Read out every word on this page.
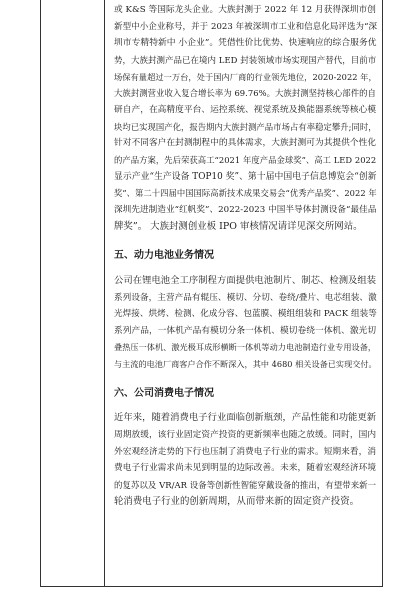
或 K&S 等国际龙头企业。大族封测于 2022 年 12 月获得深圳市创
新型中小企业称号，并于 2023 年被深圳市工业和信息化局评选为“深
圳市专精特新中 小企业”。凭借性价比优势、快速响应的综合服务优
势，大族封测产品已在境内 LED 封装领域市场实现国产替代，目前市
场保有量超过一万台，处于国内厂商的行业领先地位，2020-2022 年，
大族封测营业收入复合增长率为 69.76%。大族封测坚持核心部件的自
研自产，在高精度平台、运控系统、视觉系统及换能器系统等核心模
块均已实现国产化，报告期内大族封测产品市场占有率稳定攀升;同时，
针对不同客户在封测制程中的具体需求，大族封测可为其提供个性化
的产品方案，先后荣获高工“2021 年度产品金球奖”、高工 LED 2022
显示产业“生产设备 TOP10 奖”、第十届中国电子信息博览会“创新
奖”、第二十四届中国国际高新技术成果交易会“优秀产品奖”、2022 年
深圳先进制造业“红帆奖”、2022-2023 中国半导体封测设备“最佳品
牌奖”。 大族封测创业板 IPO 审核情况请详见深交所网站。
五、动力电池业务情况
公司在锂电池全工序制程方面提供电池制片、制芯、检测及组装
系列设备，主营产品有辊压、模切、分切、卷绕/叠片、电芯组装、激
光焊接、烘烤、检测、化成分容、包蓝膜、模组组装和 PACK 组装等
系列产品，一体机产品有模切分条一体机、模切卷绕一体机、激光切
叠热压一体机、激光极耳成形横断一体机等动力电池制造行业专用设备，
与主流的电池厂商客户合作不断深入，其中 4680 相关设备已实现交付。
六、公司消费电子情况
近年来，随着消费电子行业面临创新瓶颈，产品性能和功能更新
周期放缓，该行业固定资产投资的更新频率也随之放缓。同时，国内
外宏观经济走势的下行也压制了消费电子行业的需求。短期来看，消
费电子行业需求尚未见到明显的边际改善。未来，随着宏观经济环境
的复苏以及 VR/AR 设备等创新性智能穿戴设备的推出，有望带来新一
轮消费电子行业的创新周期，从而带来新的固定资产投资。
